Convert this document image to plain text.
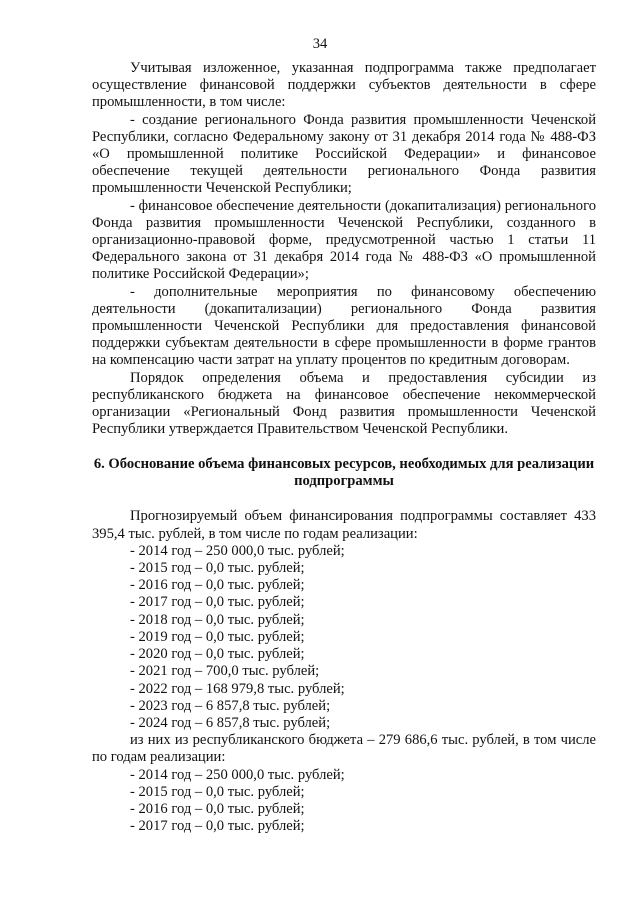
34

Учитывая изложенное, указанная подпрограмма также предполагает осуществление финансовой поддержки субъектов деятельности в сфере промышленности, в том числе:

- создание регионального Фонда развития промышленности Чеченской Республики, согласно Федеральному закону от 31 декабря 2014 года № 488-ФЗ «О промышленной политике Российской Федерации» и финансовое обеспечение текущей деятельности регионального Фонда развития промышленности Чеченской Республики;

- финансовое обеспечение деятельности (докапитализация) регионального Фонда развития промышленности Чеченской Республики, созданного в организационно-правовой форме, предусмотренной частью 1 статьи 11 Федерального закона от 31 декабря 2014 года № 488-ФЗ «О промышленной политике Российской Федерации»;

- дополнительные мероприятия по финансовому обеспечению деятельности (докапитализации) регионального Фонда развития промышленности Чеченской Республики для предоставления финансовой поддержки субъектам деятельности в сфере промышленности в форме грантов на компенсацию части затрат на уплату процентов по кредитным договорам.

Порядок определения объема и предоставления субсидии из республиканского бюджета на финансовое обеспечение некоммерческой организации «Региональный Фонд развития промышленности Чеченской Республики утверждается Правительством Чеченской Республики.

6. Обоснование объема финансовых ресурсов, необходимых для реализации подпрограммы

Прогнозируемый объем финансирования подпрограммы составляет 433 395,4 тыс. рублей, в том числе по годам реализации:

- 2014 год – 250 000,0 тыс. рублей;

- 2015 год – 0,0 тыс. рублей;

- 2016 год – 0,0 тыс. рублей;

- 2017 год – 0,0 тыс. рублей;

- 2018 год – 0,0 тыс. рублей;

- 2019 год – 0,0 тыс. рублей;

- 2020 год – 0,0 тыс. рублей;

- 2021 год – 700,0 тыс. рублей;

- 2022 год – 168 979,8 тыс. рублей;

- 2023 год – 6 857,8 тыс. рублей;

- 2024 год – 6 857,8 тыс. рублей;

из них из республиканского бюджета – 279 686,6 тыс. рублей, в том числе по годам реализации:

- 2014 год – 250 000,0 тыс. рублей;

- 2015 год – 0,0 тыс. рублей;

- 2016 год – 0,0 тыс. рублей;

- 2017 год – 0,0 тыс. рублей;
